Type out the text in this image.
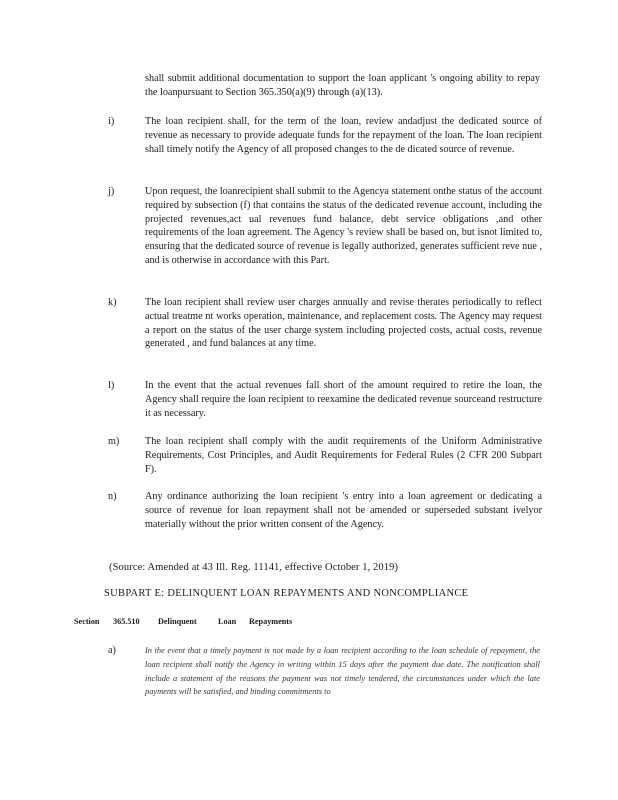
shall submit additional documentation to support the loan applicant 's ongoing ability to repay the loanpursuant to Section 365.350(a)(9) through (a)(13).
i)	The loan recipient shall, for the term of the loan, review andadjust the dedicated source of revenue as necessary to provide adequate funds for the repayment of the loan. The loan recipient shall timely notify the Agency of all proposed changes to the de dicated source of revenue.
j)	Upon request, the loanrecipient shall submit to the Agencya statement onthe status of the account required by subsection (f) that contains the status of the dedicated revenue account, including the projected revenues,act ual revenues fund balance, debt service obligations ,and other requirements of the loan agreement. The Agency 's review shall be based on, but isnot limited to, ensuring that the dedicated source of revenue is legally authorized, generates sufficient reve nue , and is otherwise in accordance with this Part.
k)	The loan recipient shall review user charges annually and revise therates periodically to reflect actual treatme nt works operation, maintenance, and replacement costs. The Agency may request a report on the status of the user charge system including projected costs, actual costs, revenue generated , and fund balances at any time.
l)	In the event that the actual revenues fall short of the amount required to retire the loan, the Agency shall require the loan recipient to reexamine the dedicated revenue sourceand restructure it as necessary.
m)	The loan recipient shall comply with the audit requirements of the Uniform Administrative Requirements, Cost Principles, and Audit Requirements for Federal Rules (2 CFR 200 Subpart F).
n)	Any ordinance authorizing the loan recipient 's entry into a loan agreement or dedicating a source of revenue for loan repayment shall not be amended or superseded substant ivelyor materially without the prior written consent of the Agency.
(Source: Amended at 43 Ill. Reg. 11141, effective October 1, 2019)
SUBPART E: DELINQUENT LOAN REPAYMENTS AND NONCOMPLIANCE
Section 365.510 Delinquent	Loan Repayments
a)	In the event that a timely payment is not made by a loan recipient according to the loan schedule of repayment, the loan recipient shall notify the Agency in writing within 15 days after the payment due date. The notification shall include a statement of the reasons the payment was not timely tendered, the circumstances under which the late payments will be satisfied, and binding commitments to
